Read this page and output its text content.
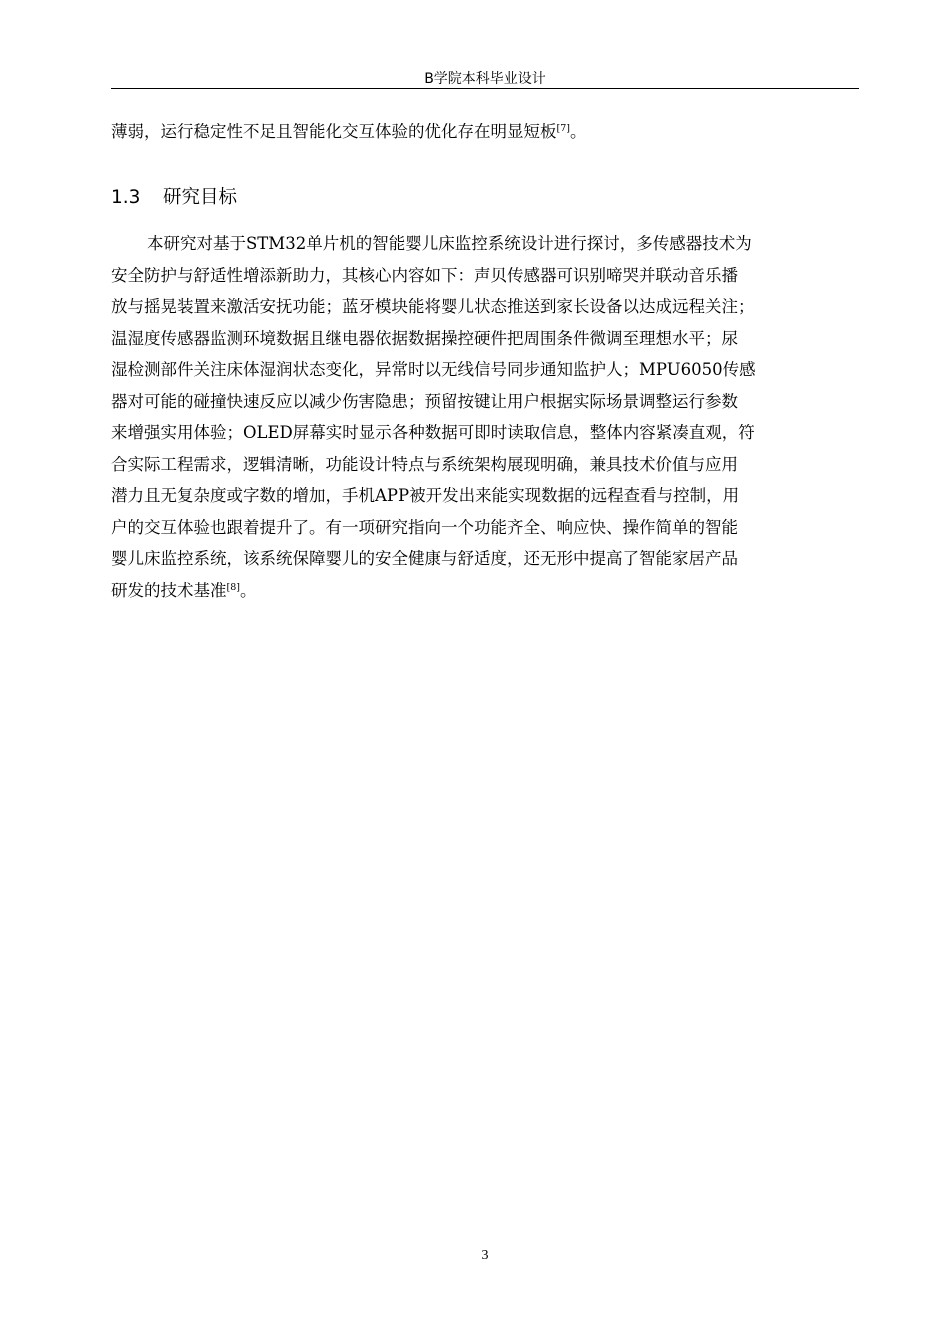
B学院本科毕业设计

薄弱，运行稳定性不足且智能化交互体验的优化存在明显短板[7]。

1.3 研究目标

本研究对基于STM32单片机的智能婴儿床监控系统设计进行探讨，多传感器技术为
安全防护与舒适性增添新助力，其核心内容如下：声贝传感器可识别啼哭并联动音乐播
放与摇晃装置来激活安抚功能；蓝牙模块能将婴儿状态推送到家长设备以达成远程关注；
温湿度传感器监测环境数据且继电器依据数据操控硬件把周围条件微调至理想水平；尿
湿检测部件关注床体湿润状态变化，异常时以无线信号同步通知监护人；MPU6050传感
器对可能的碰撞快速反应以减少伤害隐患；预留按键让用户根据实际场景调整运行参数
来增强实用体验；OLED屏幕实时显示各种数据可即时读取信息，整体内容紧凑直观，符
合实际工程需求，逻辑清晰，功能设计特点与系统架构展现明确，兼具技术价值与应用
潜力且无复杂度或字数的增加，手机APP被开发出来能实现数据的远程查看与控制，用
户的交互体验也跟着提升了。有一项研究指向一个功能齐全、响应快、操作简单的智能
婴儿床监控系统，该系统保障婴儿的安全健康与舒适度，还无形中提高了智能家居产品
研发的技术基准[8]。

3
